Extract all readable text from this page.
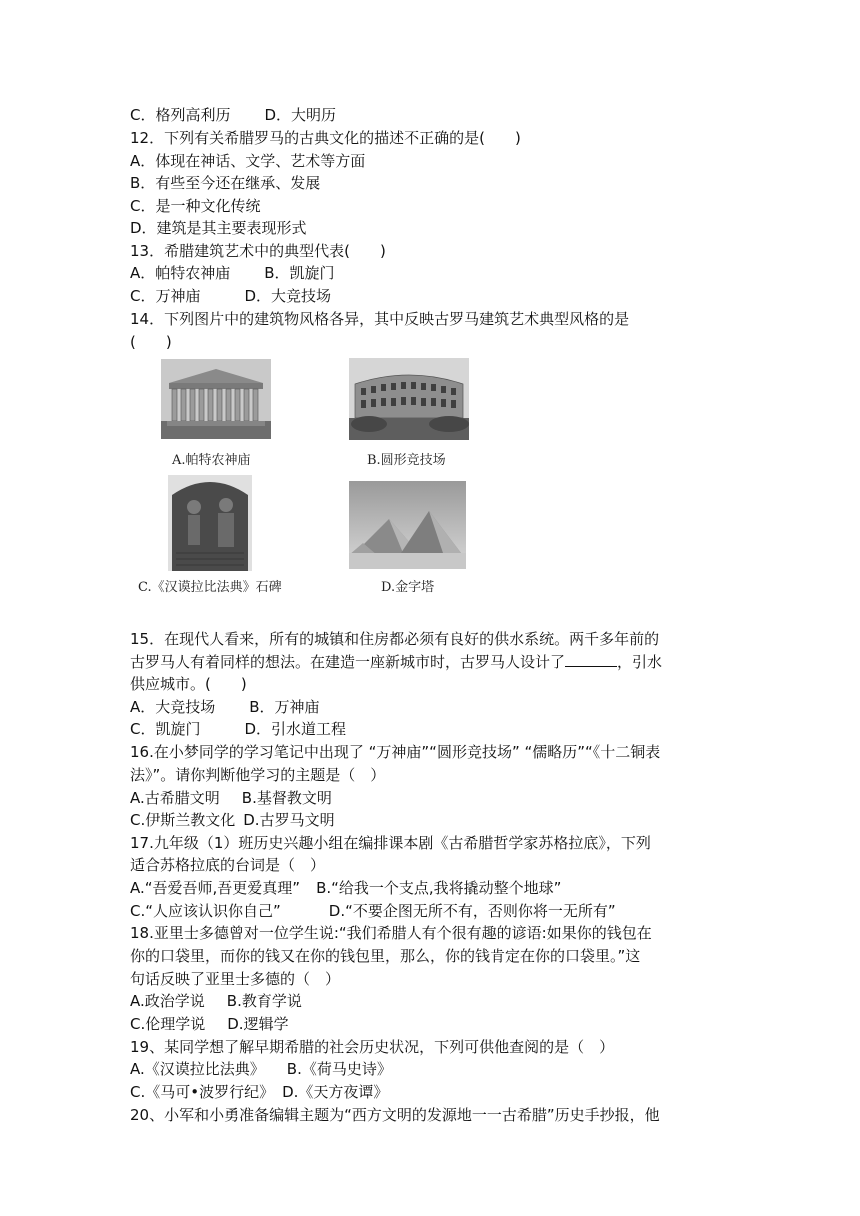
C．格列高利历 D．大明历
12．下列有关希腊罗马的古典文化的描述不正确的是(　　)
A．体现在神话、文学、艺术等方面
B．有些至今还在继承、发展
C．是一种文化传统
D．建筑是其主要表现形式
13．希腊建筑艺术中的典型代表(　　)
A．帕特农神庙 B．凯旋门
C．万神庙	D．大竞技场
14．下列图片中的建筑物风格各异，其中反映古罗马建筑艺术典型风格的是
(　　)
A.帕特农神庙	B.圆形竞技场
C.《汉谟拉比法典》石碑	D.金字塔
15．在现代人看来，所有的城镇和住房都必须有良好的供水系统。两千多年前的
古罗马人有着同样的想法。在建造一座新城市时，古罗马人设计了	，引水
供应城市。(　　)
A．大竞技场 B．万神庙
C．凯旋门	D．引水道工程
16.在小梦同学的学习笔记中出现了 “万神庙”“圆形竞技场” “儒略历”“《十二铜表
法》”。请你判断他学习的主题是（　）
A.古希腊文明 B.基督教文明
C.伊斯兰教文化 D.古罗马文明
17.九年级（1）班历史兴趣小组在编排课本剧《古希腊哲学家苏格拉底》，下列
适合苏格拉底的台词是（　）
A.“吾爱吾师,吾更爱真理” B.“给我一个支点,我将撬动整个地球”
C.“人应该认识你自己”	D.“不要企图无所不有，否则你将一无所有”
18.亚里士多德曾对一位学生说:“我们希腊人有个很有趣的谚语:如果你的钱包在
你的口袋里，而你的钱又在你的钱包里，那么，你的钱肯定在你的口袋里。”这
句话反映了亚里士多德的（　）
A.政治学说 B.教育学说
C.伦理学说 D.逻辑学
19、某同学想了解早期希腊的社会历史状况，下列可供他查阅的是（　）
A.《汉谟拉比法典》 B.《荷马史诗》
C.《马可•波罗行纪》 D.《天方夜谭》
20、小军和小勇准备编辑主题为“西方文明的发源地一一古希腊”历史手抄报，他
